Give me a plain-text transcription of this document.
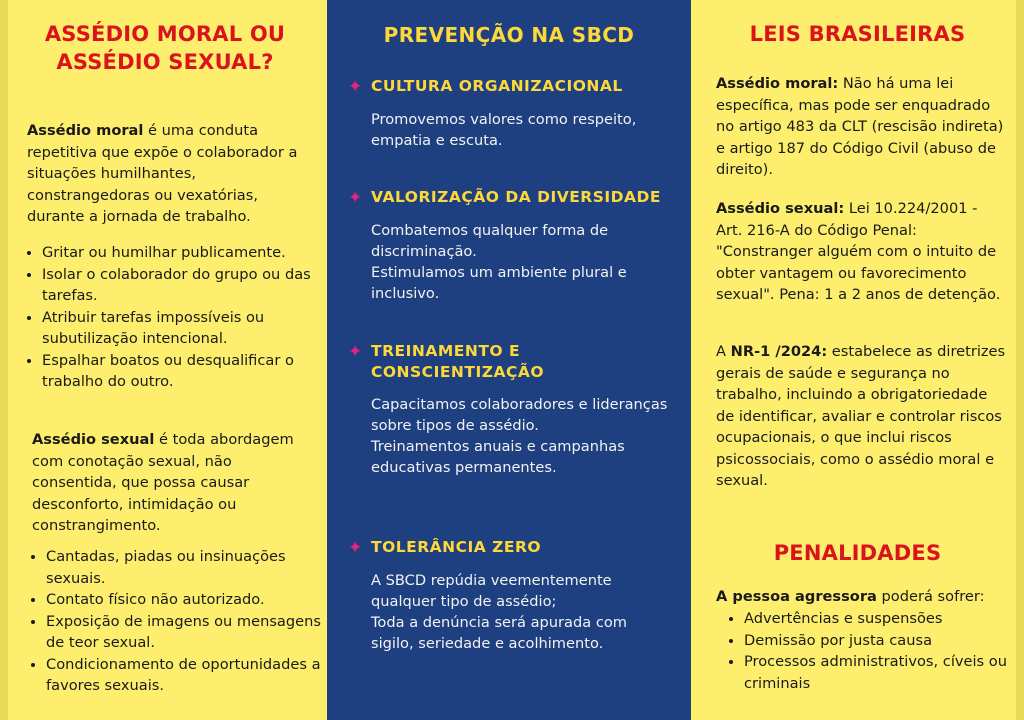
ASSÉDIO MORAL OU ASSÉDIO SEXUAL?

Assédio moral é uma conduta repetitiva que expõe o colaborador a situações humilhantes, constrangedoras ou vexatórias, durante a jornada de trabalho.

• Gritar ou humilhar publicamente.
• Isolar o colaborador do grupo ou das tarefas.
• Atribuir tarefas impossíveis ou subutilização intencional.
• Espalhar boatos ou desqualificar o trabalho do outro.

Assédio sexual é toda abordagem com conotação sexual, não consentida, que possa causar desconforto, intimidação ou constrangimento.

• Cantadas, piadas ou insinuações sexuais.
• Contato físico não autorizado.
• Exposição de imagens ou mensagens de teor sexual.
• Condicionamento de oportunidades a favores sexuais.
PREVENÇÃO NA SBCD
✦ CULTURA ORGANIZACIONAL

Promovemos valores como respeito, empatia e escuta.

✦ VALORIZAÇÃO DA DIVERSIDADE

Combatemos qualquer forma de discriminação.
Estimulamos um ambiente plural e inclusivo.

✦ TREINAMENTO E CONSCIENTIZAÇÃO

Capacitamos colaboradores e lideranças sobre tipos de assédio.
Treinamentos anuais e campanhas educativas permanentes.

✦ TOLERÂNCIA ZERO

A SBCD repúdia veementemente qualquer tipo de assédio;
Toda a denúncia será apurada com sigilo, seriedade e acolhimento.

LEIS BRASILEIRAS

Assédio moral: Não há uma lei específica, mas pode ser enquadrado no artigo 483 da CLT (rescisão indireta) e artigo 187 do Código Civil (abuso de direito).

Assédio sexual: Lei 10.224/2001 - Art. 216-A do Código Penal: "Constranger alguém com o intuito de obter vantagem ou favorecimento sexual". Pena: 1 a 2 anos de detenção.

A NR-1 /2024: estabelece as diretrizes gerais de saúde e segurança no trabalho, incluindo a obrigatoriedade de identificar, avaliar e controlar riscos ocupacionais, o que inclui riscos psicossociais, como o assédio moral e sexual.

PENALIDADES

A pessoa agressora poderá sofrer:

• Advertências e suspensões
• Demissão por justa causa
• Processos administrativos, cíveis ou criminais
